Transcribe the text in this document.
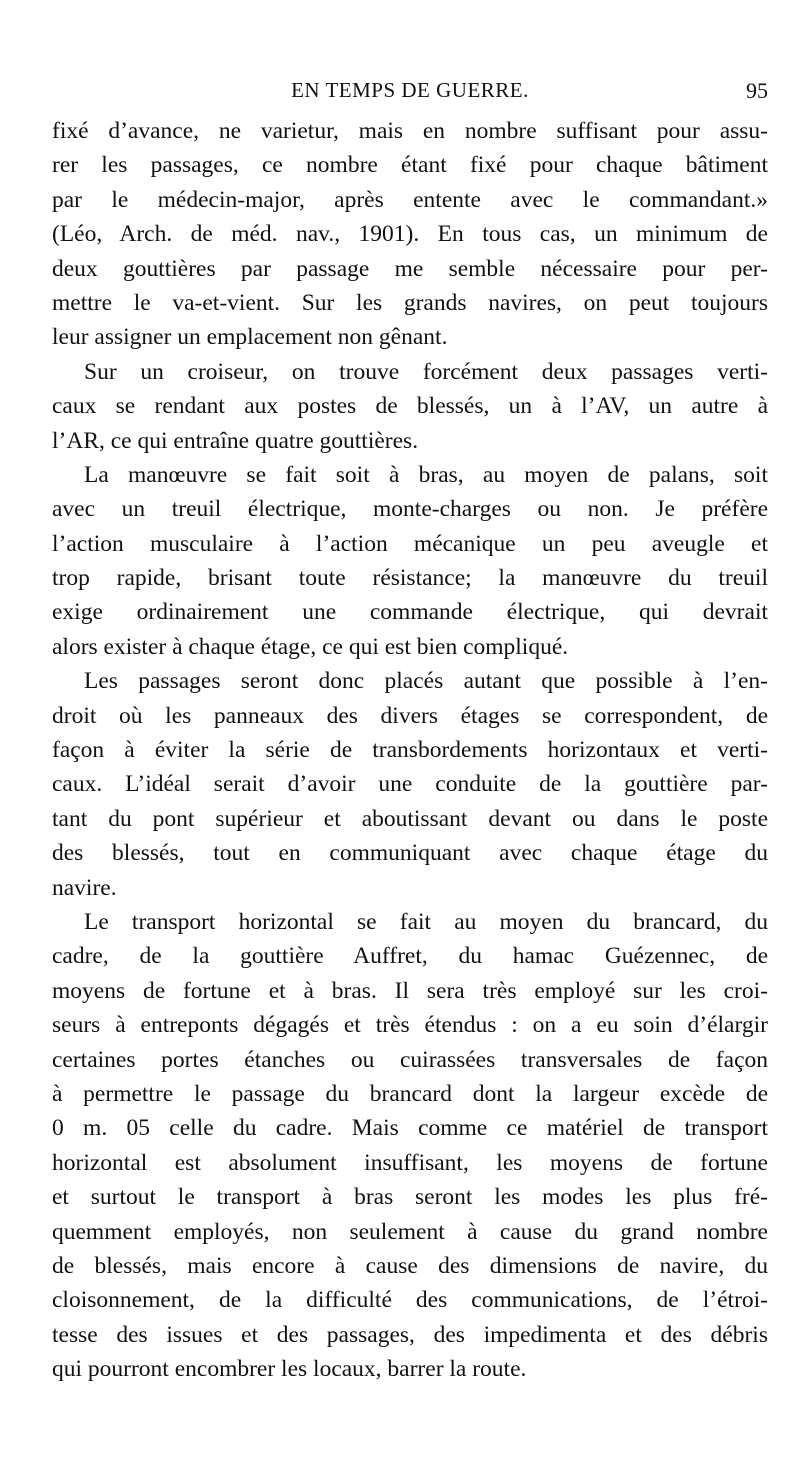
EN TEMPS DE GUERRE.	95
fixé d’avance, ne varietur, mais en nombre suffisant pour assu-
rer les passages, ce nombre étant fixé pour chaque bâtiment
par le médecin-major, après entente avec le commandant.»
(Léo, Arch. de méd. nav., 1901). En tous cas, un minimum de
deux gouttières par passage me semble nécessaire pour per-
mettre le va-et-vient. Sur les grands navires, on peut toujours
leur assigner un emplacement non gênant.
Sur un croiseur, on trouve forcément deux passages verti-
caux se rendant aux postes de blessés, un à l’AV, un autre à
l’AR, ce qui entraîne quatre gouttières.
La manœuvre se fait soit à bras, au moyen de palans, soit
avec un treuil électrique, monte-charges ou non. Je préfère
l’action musculaire à l’action mécanique un peu aveugle et
trop rapide, brisant toute résistance; la manœuvre du treuil
exige ordinairement une commande électrique, qui devrait
alors exister à chaque étage, ce qui est bien compliqué.
Les passages seront donc placés autant que possible à l’en-
droit où les panneaux des divers étages se correspondent, de
façon à éviter la série de transbordements horizontaux et verti-
caux. L’idéal serait d’avoir une conduite de la gouttière par-
tant du pont supérieur et aboutissant devant ou dans le poste
des blessés, tout en communiquant avec chaque étage du
navire.
Le transport horizontal se fait au moyen du brancard, du
cadre, de la gouttière Auffret, du hamac Guézennec, de
moyens de fortune et à bras. Il sera très employé sur les croi-
seurs à entreponts dégagés et très étendus : on a eu soin d’élargir
certaines portes étanches ou cuirassées transversales de façon
à permettre le passage du brancard dont la largeur excède de
0 m. 05 celle du cadre. Mais comme ce matériel de transport
horizontal est absolument insuffisant, les moyens de fortune
et surtout le transport à bras seront les modes les plus fré-
quemment employés, non seulement à cause du grand nombre
de blessés, mais encore à cause des dimensions de navire, du
cloisonnement, de la difficulté des communications, de l’étroi-
tesse des issues et des passages, des impedimenta et des débris
qui pourront encombrer les locaux, barrer la route.
